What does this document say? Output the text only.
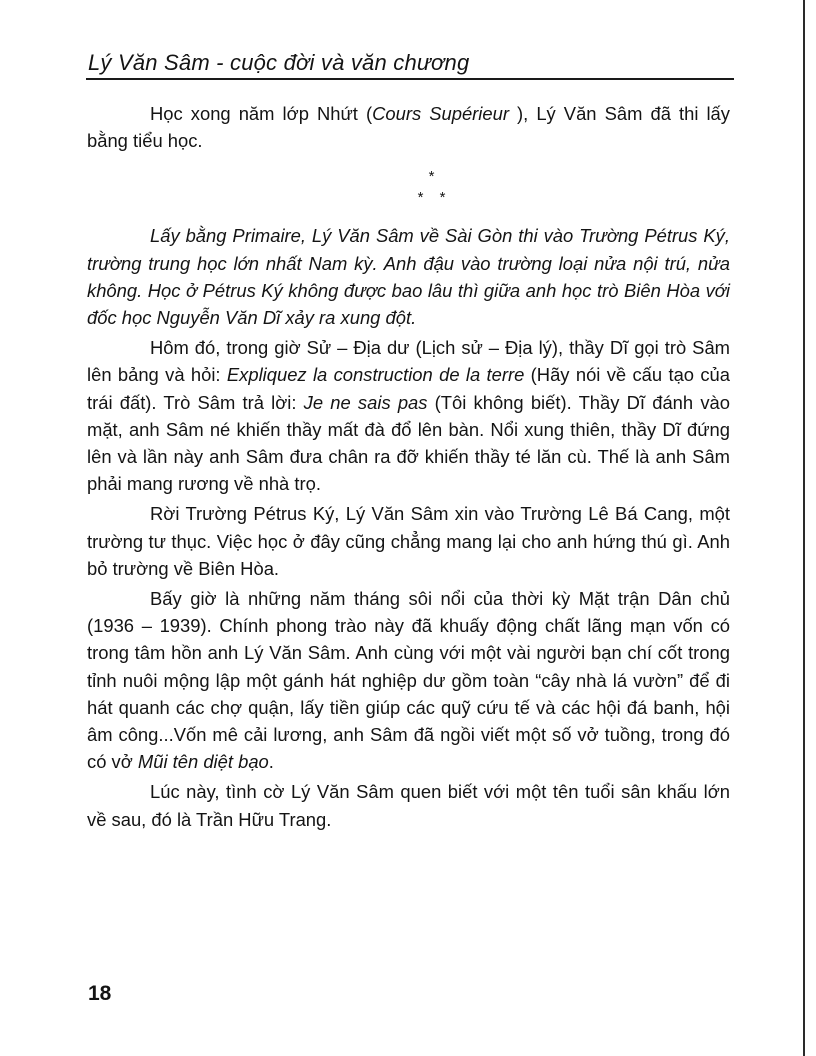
Lý Văn Sâm - cuộc đời và văn chương

Học xong năm lớp Nhứt (Cours Supérieur ), Lý Văn Sâm đã thi lấy bằng tiểu học.

*
* *

Lấy bằng Primaire, Lý Văn Sâm về Sài Gòn thi vào Trường Pétrus Ký, trường trung học lớn nhất Nam kỳ. Anh đậu vào trường loại nửa nội trú, nửa không. Học ở Pétrus Ký không được bao lâu thì giữa anh học trò Biên Hòa với đốc học Nguyễn Văn Dĩ xảy ra xung đột.

Hôm đó, trong giờ Sử – Địa dư (Lịch sử – Địa lý), thầy Dĩ gọi trò Sâm lên bảng và hỏi: Expliquez la construction de la terre (Hãy nói về cấu tạo của trái đất). Trò Sâm trả lời: Je ne sais pas (Tôi không biết). Thầy Dĩ đánh vào mặt, anh Sâm né khiến thầy mất đà đổ lên bàn. Nổi xung thiên, thầy Dĩ đứng lên và lần này anh Sâm đưa chân ra đỡ khiến thầy té lăn cù. Thế là anh Sâm phải mang rương về nhà trọ.

Rời Trường Pétrus Ký, Lý Văn Sâm xin vào Trường Lê Bá Cang, một trường tư thục. Việc học ở đây cũng chẳng mang lại cho anh hứng thú gì. Anh bỏ trường về Biên Hòa.

Bấy giờ là những năm tháng sôi nổi của thời kỳ Mặt trận Dân chủ (1936 – 1939). Chính phong trào này đã khuấy động chất lãng mạn vốn có trong tâm hồn anh Lý Văn Sâm. Anh cùng với một vài người bạn chí cốt trong tỉnh nuôi mộng lập một gánh hát nghiệp dư gồm toàn “cây nhà lá vườn” để đi hát quanh các chợ quận, lấy tiền giúp các quỹ cứu tế và các hội đá banh, hội âm công...Vốn mê cải lương, anh Sâm đã ngồi viết một số vở tuồng, trong đó có vở Mũi tên diệt bạo.

Lúc này, tình cờ Lý Văn Sâm quen biết với một tên tuổi sân khấu lớn về sau, đó là Trần Hữu Trang.

18
